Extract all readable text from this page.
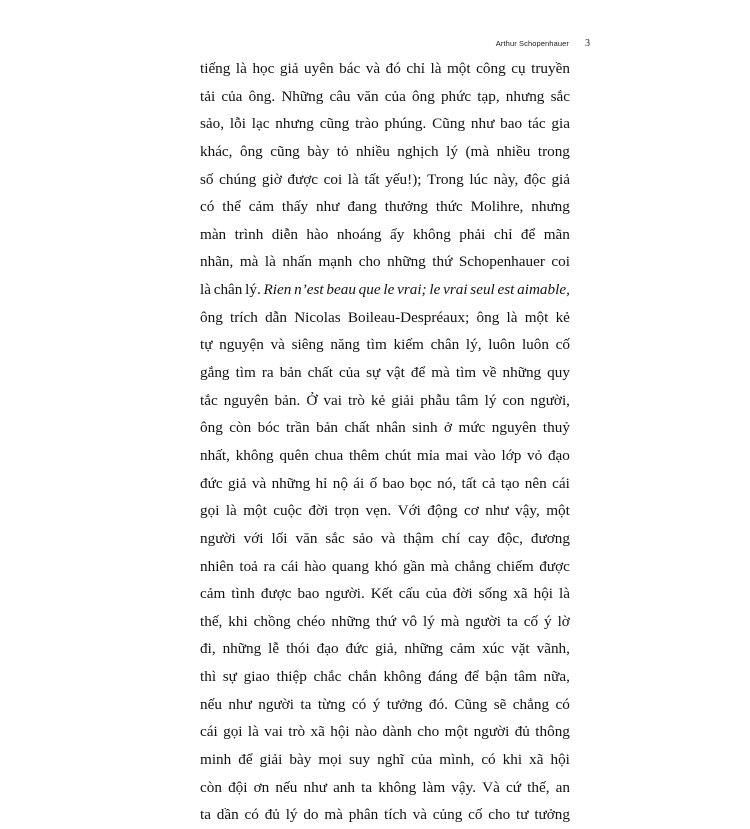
Arthur Schopenhauer 3
tiếng là học giả uyên bác và đó chỉ là một công cụ truyền
tải của ông. Những câu văn của ông phức tạp, nhưng sắc
sảo, lỗi lạc nhưng cũng trào phúng. Cũng như bao tác gia
khác, ông cũng bày tỏ nhiều nghịch lý (mà nhiều trong
số chúng giờ được coi là tất yếu!); Trong lúc này, độc giả
có thể cảm thấy như đang thưởng thức Molihre, nhưng
màn trình diễn hào nhoáng ấy không phải chỉ để mãn
nhãn, mà là nhấn mạnh cho những thứ Schopenhauer coi
là chân lý. Rien n’est beau que le vrai; le vrai seul est aimable,
ông trích dẫn Nicolas Boileau-Despréaux; ông là một kẻ
tự nguyện và siêng năng tìm kiếm chân lý, luôn luôn cố
gắng tìm ra bản chất của sự vật để mà tìm về những quy
tắc nguyên bản. Ở vai trò kẻ giải phẫu tâm lý con người,
ông còn bóc trần bản chất nhân sinh ở mức nguyên thuỷ
nhất, không quên chua thêm chút mỉa mai vào lớp vỏ đạo
đức giả và những hỉ nộ ái ố bao bọc nó, tất cả tạo nên cái
gọi là một cuộc đời trọn vẹn. Với động cơ như vậy, một
người với lối văn sắc sảo và thậm chí cay độc, đương
nhiên toả ra cái hào quang khó gần mà chẳng chiếm được
cảm tình được bao người. Kết cấu của đời sống xã hội là
thế, khi chồng chéo những thứ vô lý mà người ta cố ý lờ
đi, những lễ thói đạo đức giả, những cảm xúc vặt vãnh,
thì sự giao thiệp chắc chắn không đáng để bận tâm nữa,
nếu như người ta từng có ý tưởng đó. Cũng sẽ chẳng có
cái gọi là vai trò xã hội nào dành cho một người đủ thông
minh để giải bày mọi suy nghĩ của mình, có khi xã hội
còn đội ơn nếu như anh ta không làm vậy. Và cứ thế, an
ta dần có đủ lý do mà phân tích và củng cố cho tư tưởng
